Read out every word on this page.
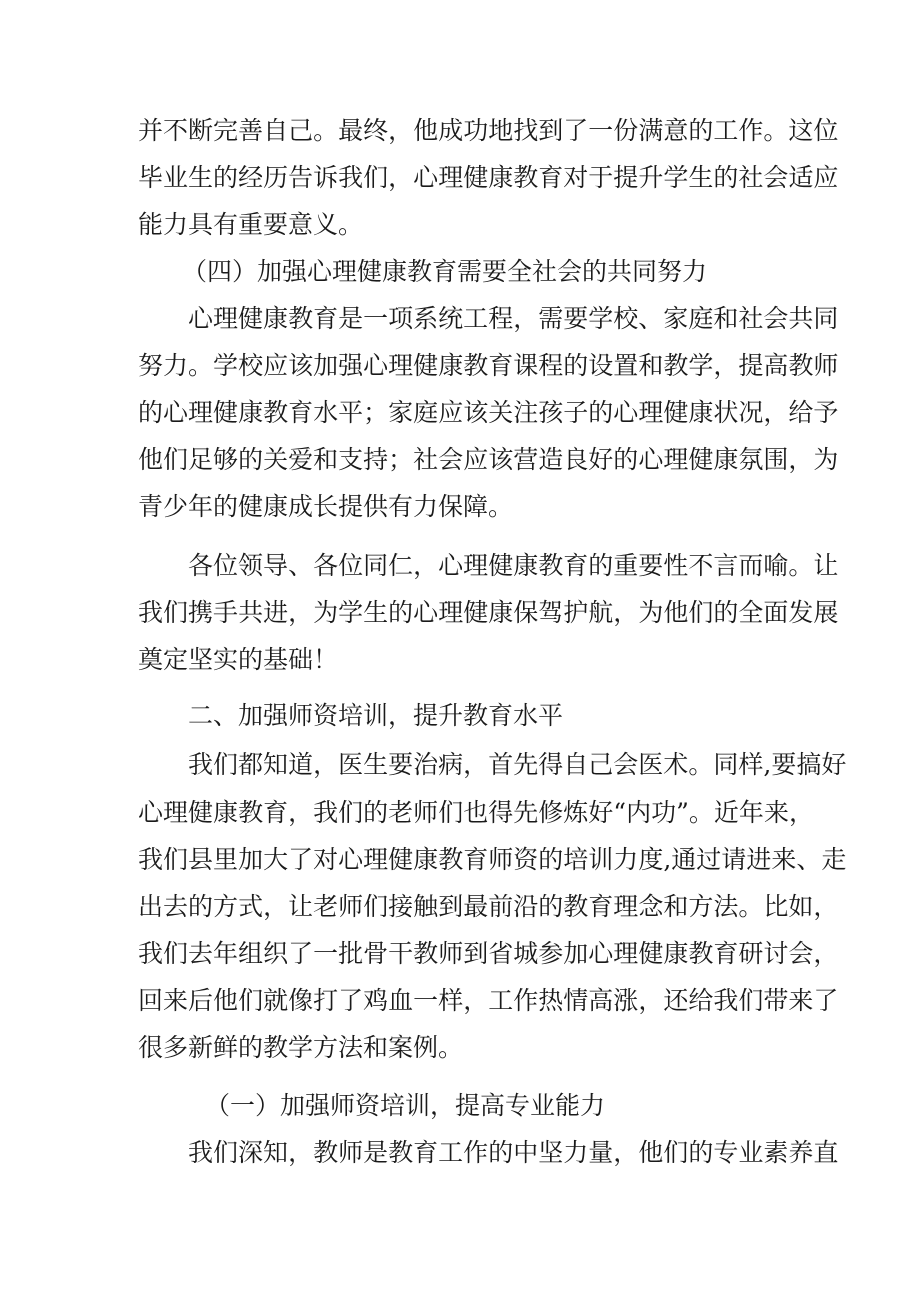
并 不 断 完 善 自 己 。 最 终 ， 他 成 功 地 找 到 了 一 份 满 意 的 工 作 。 这 位
毕 业 生 的 经 历 告 诉 我 们 ， 心 理 健 康 教 育 对 于 提 升 学 生 的 社 会 适 应
能力具有重要意义。
（四）加强心理健康教育需要全社会的共同努力
心 理 健 康 教 育 是 一 项 系 统 工 程 ， 需 要 学 校 、 家 庭 和 社 会 共 同
努 力 。 学 校 应 该 加 强 心 理 健 康 教 育 课 程 的 设 置 和 教 学 ， 提 高 教 师
的 心 理 健 康 教 育 水 平 ； 家 庭 应 该 关 注 孩 子 的 心 理 健 康 状 况 ， 给 予
他 们 足 够 的 关 爱 和 支 持 ； 社 会 应 该 营 造 良 好 的 心 理 健 康 氛 围 ， 为
青少年的健康成长提供有力保障。
各 位 领 导 、 各 位 同 仁 ， 心 理 健 康 教 育 的 重 要 性 不 言 而 喻 。 让
我 们 携 手 共 进 ， 为 学 生 的 心 理 健 康 保 驾 护 航 ， 为 他 们 的 全 面 发 展
奠定坚实的基础！
二、加强师资培训，提升教育水平
我 们 都 知 道 ， 医 生 要 治 病 ， 首 先 得 自 己 会 医 术 。 同 样 , 要 搞 好
心 理 健 康 教 育 ， 我 们 的 老 师 们 也 得 先 修 炼 好 “ 内 功 ” 。 近 年 来 ，
我 们 县 里 加 大 了 对 心 理 健 康 教 育 师 资 的 培 训 力 度 , 通 过 请 进 来 、 走
出 去 的 方 式 ， 让 老 师 们 接 触 到 最 前 沿 的 教 育 理 念 和 方 法 。 比 如 ，
我 们 去 年 组 织 了 一 批 骨 干 教 师 到 省 城 参 加 心 理 健 康 教 育 研 讨 会 ，
回 来 后 他 们 就 像 打 了 鸡 血 一 样 ， 工 作 热 情 高 涨 ， 还 给 我 们 带 来 了
很多新鲜的教学方法和案例。
（一）加强师资培训，提高专业能力
我 们 深 知 ， 教 师 是 教 育 工 作 的 中 坚 力 量 ， 他 们 的 专 业 素 养 直
